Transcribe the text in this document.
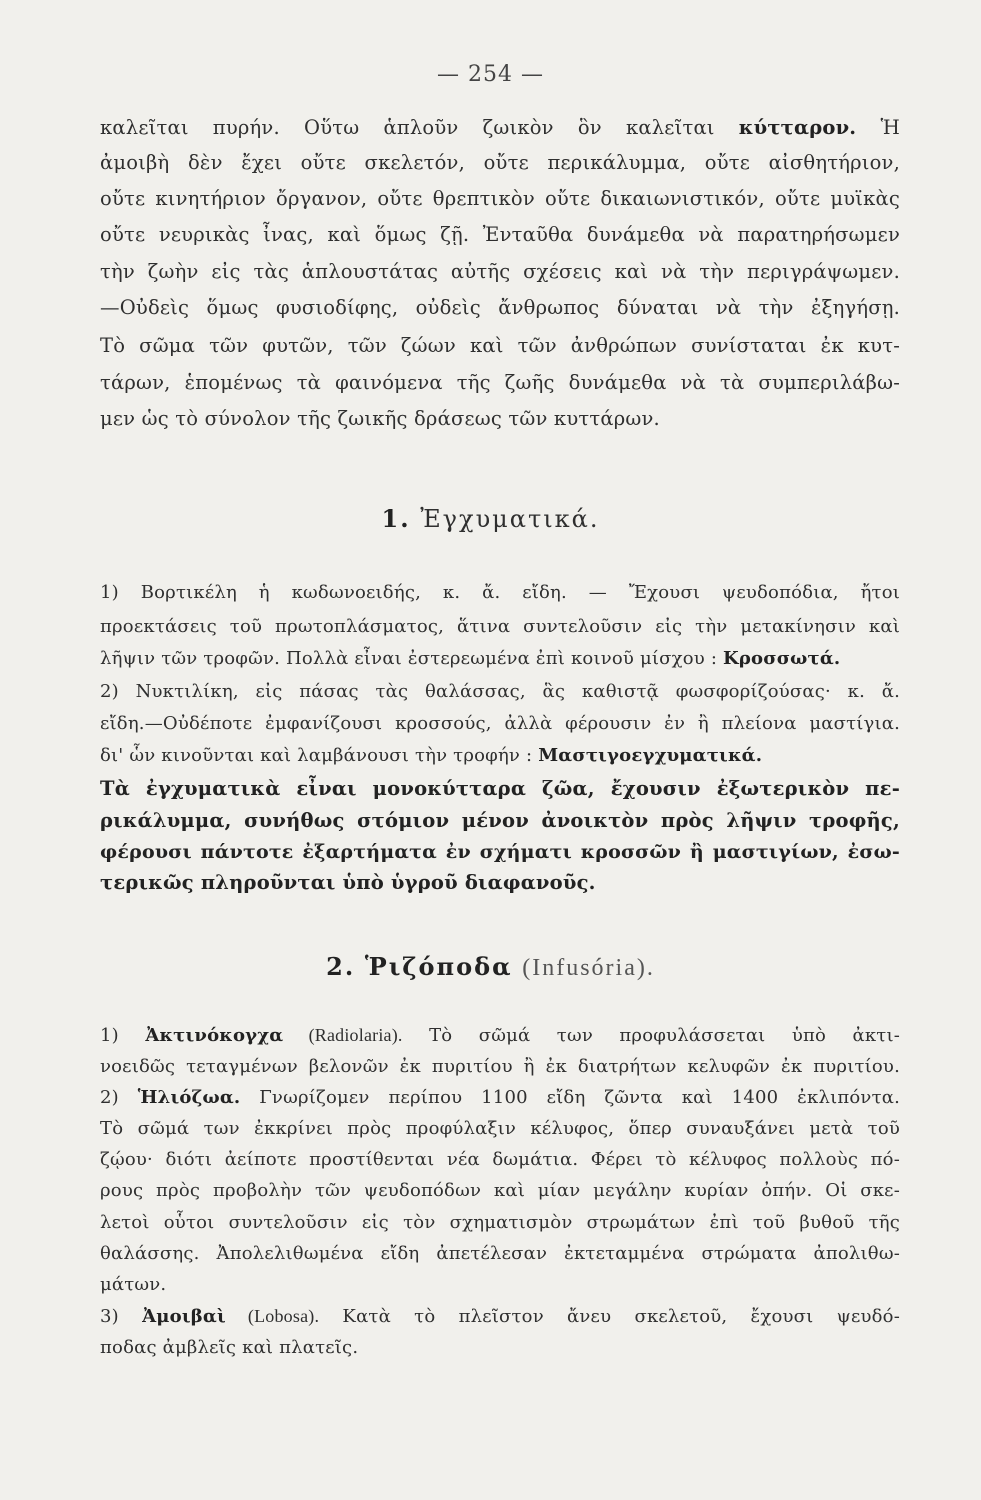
— 254 —
καλεῖται πυρήν. Οὕτω ἁπλοῦν ζωικὸν ὃν καλεῖται κύτταρον. Ἡ
ἀμοιβὴ δὲν ἔχει οὔτε σκελετόν, οὔτε περικάλυμμα, οὔτε αἰσθητήριον,
οὔτε κινητήριον ὄργανον, οὔτε θρεπτικὸν οὔτε δικαιωνιστικόν, οὔτε μυϊκὰς
οὔτε νευρικὰς ἶνας, καὶ ὅμως ζῇ. Ἐνταῦθα δυνάμεθα νὰ παρατηρήσωμεν
τὴν ζωὴν εἰς τὰς ἁπλουστάτας αὐτῆς σχέσεις καὶ νὰ τὴν περιγράψωμεν.
—Οὐδεὶς ὅμως φυσιοδίφης, οὐδεὶς ἄνθρωπος δύναται νὰ τὴν ἐξηγήσῃ.
Τὸ σῶμα τῶν φυτῶν, τῶν ζώων καὶ τῶν ἀνθρώπων συνίσταται ἐκ κυτ-
τάρων, ἑπομένως τὰ φαινόμενα τῆς ζωῆς δυνάμεθα νὰ τὰ συμπεριλάβω-
μεν ὡς τὸ σύνολον τῆς ζωικῆς δράσεως τῶν κυττάρων.
1. Ἐγχυματικά.
1) Βορτικέλη ἡ κωδωνοειδής, κ. ἄ. εἴδη. — Ἔχουσι ψευδοπόδια, ἤτοι
προεκτάσεις τοῦ πρωτοπλάσματος, ἅτινα συντελοῦσιν εἰς τὴν μετακίνησιν καὶ
λῆψιν τῶν τροφῶν. Πολλὰ εἶναι ἐστερεωμένα ἐπὶ κοινοῦ μίσχου : Κροσσωτά.
2) Νυκτιλίκη, εἰς πάσας τὰς θαλάσσας, ἃς καθιστᾷ φωσφορίζούσας· κ. ἄ.
εἴδη.—Οὐδέποτε ἐμφανίζουσι κροσσούς, ἀλλὰ φέρουσιν ἐν ἢ πλείονα μαστίγια.
δι' ὧν κινοῦνται καὶ λαμβάνουσι τὴν τροφήν : Μαστιγοεγχυματικά.
Τὰ ἐγχυματικὰ εἶναι μονοκύτταρα ζῶα, ἔχουσιν ἐξωτερικὸν πε-
ρικάλυμμα, συνήθως στόμιον μένον ἀνοικτὸν πρὸς λῆψιν τροφῆς,
φέρουσι πάντοτε ἐξαρτήματα ἐν σχήματι κροσσῶν ἢ μαστιγίων, ἐσω-
τερικῶς πληροῦνται ὑπὸ ὑγροῦ διαφανοῦς.
2. Ῥιζόποδα (Infusória).
1) Ἀκτινόκογχα (Radiolaria). Τὸ σῶμά των προφυλάσσεται ὑπὸ ἀκτι-
νοειδῶς τεταγμένων βελονῶν ἐκ πυριτίου ἢ ἐκ διατρήτων κελυφῶν ἐκ πυριτίου.
2) Ἡλιόζωα. Γνωρίζομεν περίπου 1100 εἴδη ζῶντα καὶ 1400 ἐκλιπόντα.
Τὸ σῶμά των ἐκκρίνει πρὸς προφύλαξιν κέλυφος, ὅπερ συναυξάνει μετὰ τοῦ
ζῴου· διότι ἀείποτε προστίθενται νέα δωμάτια. Φέρει τὸ κέλυφος πολλοὺς πό-
ρους πρὸς προβολὴν τῶν ψευδοπόδων καὶ μίαν μεγάλην κυρίαν ὀπήν. Οἱ σκε-
λετοὶ οὗτοι συντελοῦσιν εἰς τὸν σχηματισμὸν στρωμάτων ἐπὶ τοῦ βυθοῦ τῆς
θαλάσσης. Ἀπολελιθωμένα εἴδη ἀπετέλεσαν ἐκτεταμμένα στρώματα ἀπολιθω-
μάτων.
3) Ἀμοιβαὶ (Lobosa). Κατὰ τὸ πλεῖστον ἄνευ σκελετοῦ, ἔχουσι ψευδό-
ποδας ἀμβλεῖς καὶ πλατεῖς.
